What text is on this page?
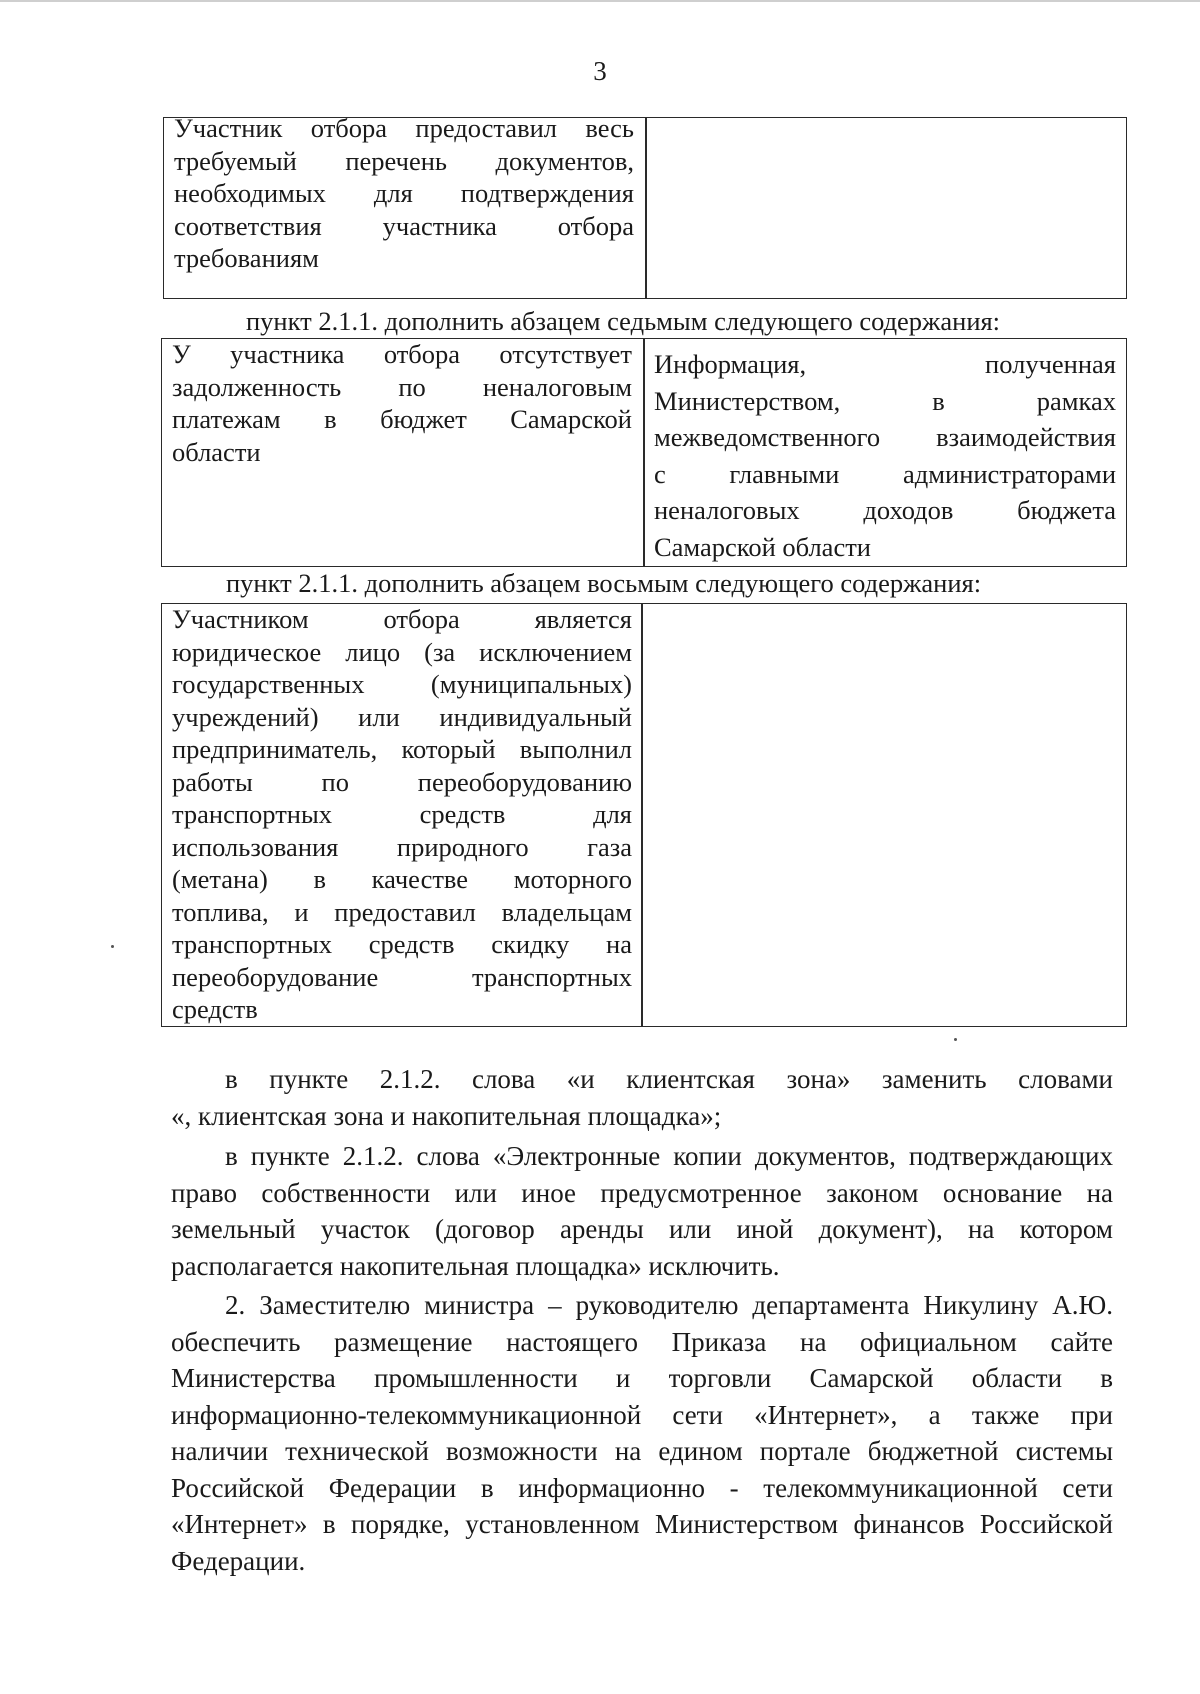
3
Участник отбора предоставил весь
требуемый перечень документов,
необходимых для подтверждения
соответствия участника отбора
требованиям
пункт 2.1.1. дополнить абзацем седьмым следующего содержания:
У участника отбора отсутствует
задолженность по неналоговым
платежам в бюджет Самарской
области
Информация, полученная
Министерством, в рамках
межведомственного взаимодействия
с главными администраторами
неналоговых доходов бюджета
Самарской области
пункт 2.1.1. дополнить абзацем восьмым следующего содержания:
Участником отбора является
юридическое лицо (за исключением
государственных (муниципальных)
учреждений) или индивидуальный
предприниматель, который выполнил
работы по переоборудованию
транспортных средств для
использования природного газа
(метана) в качестве моторного
топлива, и предоставил владельцам
транспортных средств скидку на
переоборудование транспортных
средств
в пункте 2.1.2. слова «и клиентская зона» заменить словами
«, клиентская зона и накопительная площадка»;
в пункте 2.1.2. слова «Электронные копии документов, подтверждающих
право собственности или иное предусмотренное законом основание на
земельный участок (договор аренды или иной документ), на котором
располагается накопительная площадка» исключить.
2. Заместителю министра – руководителю департамента Никулину А.Ю.
обеспечить размещение настоящего Приказа на официальном сайте
Министерства промышленности и торговли Самарской области в
информационно-телекоммуникационной сети «Интернет», а также при
наличии технической возможности на едином портале бюджетной системы
Российской Федерации в информационно - телекоммуникационной сети
«Интернет» в порядке, установленном Министерством финансов Российской
Федерации.
